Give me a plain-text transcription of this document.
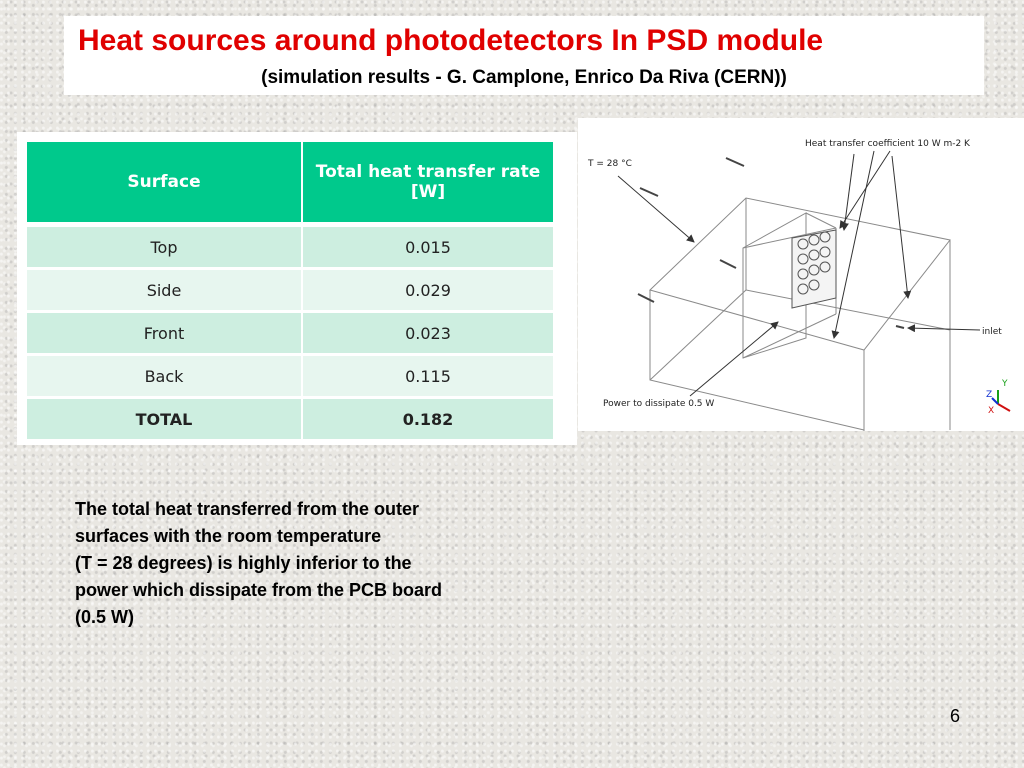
Heat sources around photodetectors In PSD module
(simulation results - G. Camplone, Enrico Da Riva (CERN))
Surface	Total heat transfer rate [W]
Top	0.015
Side	0.029
Front	0.023
Back	0.115
TOTAL	0.182
T = 28 °C
Heat transfer coefficient 10 W m-2 K
inlet
Power to dissipate 0.5 W
Y
Z
X
The total heat transferred from the outer
surfaces with the room temperature
(T = 28 degrees) is highly inferior to the
power which dissipate from the PCB board
(0.5 W)
6
